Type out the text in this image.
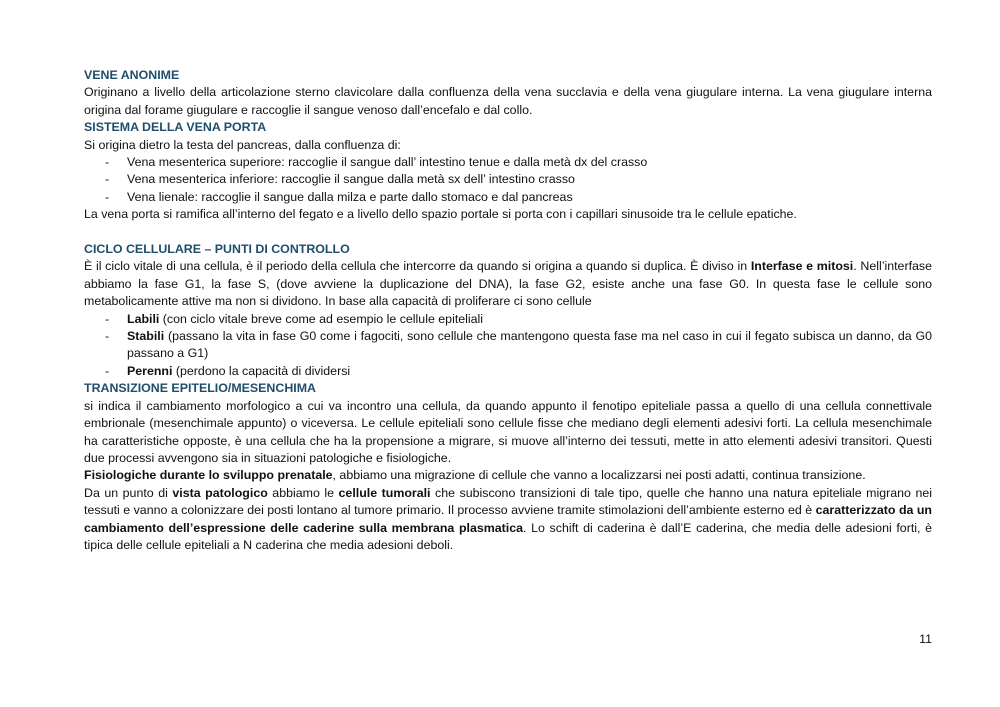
VENE ANONIME
Originano a livello della articolazione sterno clavicolare dalla confluenza della vena succlavia e della vena giugulare interna. La vena giugulare interna origina dal forame giugulare e raccoglie il sangue venoso dall’encefalo e dal collo.
SISTEMA DELLA VENA PORTA
Si origina dietro la testa del pancreas, dalla confluenza di:
- Vena mesenterica superiore: raccoglie il sangue dall’ intestino tenue e dalla metà dx del crasso
- Vena mesenterica inferiore: raccoglie il sangue dalla metà sx dell’ intestino crasso
- Vena lienale: raccoglie il sangue dalla milza e parte dallo stomaco e dal pancreas
La vena porta si ramifica all’interno del fegato e a livello dello spazio portale si porta con i capillari sinusoide tra le cellule epatiche.
CICLO CELLULARE – PUNTI DI CONTROLLO
È il ciclo vitale di una cellula, è il periodo della cellula che intercorre da quando si origina a quando si duplica. È diviso in Interfase e mitosi. Nell’interfase abbiamo la fase G1, la fase S, (dove avviene la duplicazione del DNA), la fase G2, esiste anche una fase G0. In questa fase le cellule sono metabolicamente attive ma non si dividono. In base alla capacità di proliferare ci sono cellule
- Labili (con ciclo vitale breve come ad esempio le cellule epiteliali
- Stabili (passano la vita in fase G0 come i fagociti, sono cellule che mantengono questa fase ma nel caso in cui il fegato subisca un danno, da G0 passano a G1)
- Perenni (perdono la capacità di dividersi
TRANSIZIONE EPITELIO/MESENCHIMA
si indica il cambiamento morfologico a cui va incontro una cellula, da quando appunto il fenotipo epiteliale passa a quello di una cellula connettivale embrionale (mesenchimale appunto) o viceversa. Le cellule epiteliali sono cellule fisse che mediano degli elementi adesivi forti. La cellula mesenchimale ha caratteristiche opposte, è una cellula che ha la propensione a migrare, si muove all’interno dei tessuti, mette in atto elementi adesivi transitori. Questi due processi avvengono sia in situazioni patologiche e fisiologiche.
Fisiologiche durante lo sviluppo prenatale, abbiamo una migrazione di cellule che vanno a localizzarsi nei posti adatti, continua transizione.
Da un punto di vista patologico abbiamo le cellule tumorali che subiscono transizioni di tale tipo, quelle che hanno una natura epiteliale migrano nei tessuti e vanno a colonizzare dei posti lontano al tumore primario. Il processo avviene tramite stimolazioni dell’ambiente esterno ed è caratterizzato da un cambiamento dell’espressione delle caderine sulla membrana plasmatica. Lo schift di caderina è dall’E caderina, che media delle adesioni forti, è tipica delle cellule epiteliali a N caderina che media adesioni deboli.
11
